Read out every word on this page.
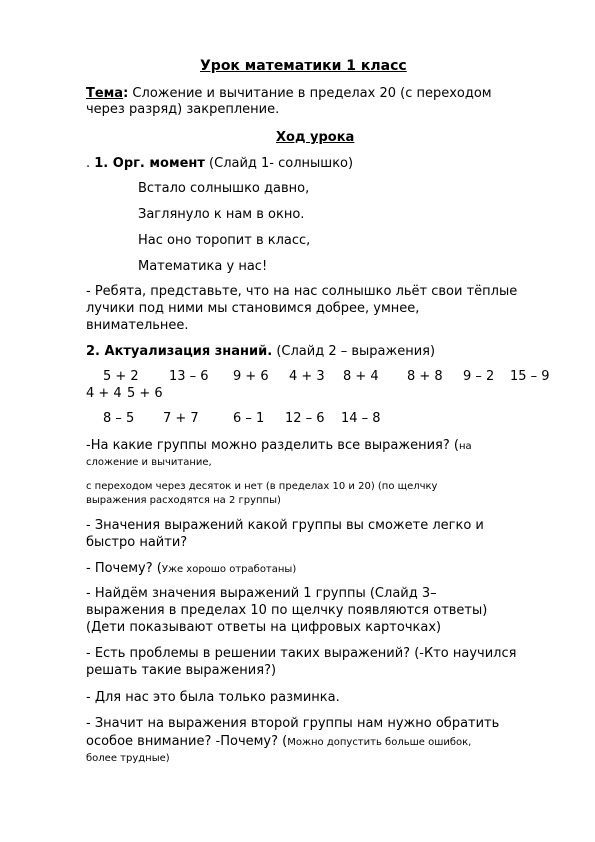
Урок математики 1 класс
Тема: Сложение и вычитание в пределах 20 (с переходом
через разряд) закрепление.
Ход урока
. 1. Орг. момент (Слайд 1- солнышко)
Встало солнышко давно,
Заглянуло к нам в окно.
Нас оно торопит в класс,
Математика у нас!
- Ребята, представьте, что на нас солнышко льёт свои тёплые
лучики под ними мы становимся добрее, умнее,
внимательнее.
2. Актуализация знаний. (Слайд 2 – выражения)
5 + 2 13 – 6 9 + 6 4 + 3 8 + 4 8 + 8 9 – 2 15 – 9
4 + 4 5 + 6
8 – 5 7 + 7	6 – 1 12 – 6 14 – 8
-На какие группы можно разделить все выражения? (на
сложение и вычитание,
с переходом через десяток и нет (в пределах 10 и 20) (по щелчку
выражения расходятся на 2 группы)
- Значения выражений какой группы вы сможете легко и
быстро найти?
- Почему? (Уже хорошо отработаны)
- Найдём значения выражений 1 группы (Слайд 3–
выражения в пределах 10 по щелчку появляются ответы)
(Дети показывают ответы на цифровых карточках)
- Есть проблемы в решении таких выражений? (-Кто научился
решать такие выражения?)
- Для нас это была только разминка.
- Значит на выражения второй группы нам нужно обратить
особое внимание? -Почему? (Можно допустить больше ошибок,
более трудные)
